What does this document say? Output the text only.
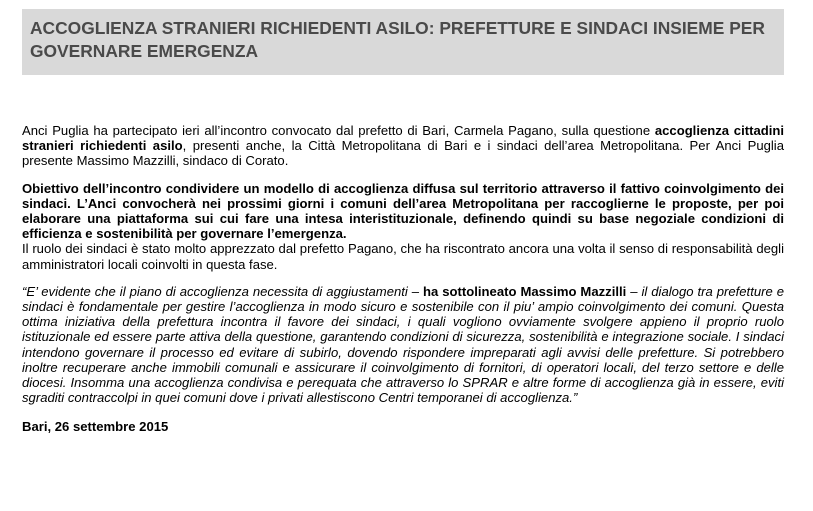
ACCOGLIENZA STRANIERI RICHIEDENTI ASILO: PREFETTURE E SINDACI INSIEME PER GOVERNARE EMERGENZA

Anci Puglia ha partecipato ieri all’incontro convocato dal prefetto di Bari, Carmela Pagano, sulla questione accoglienza cittadini stranieri richiedenti asilo, presenti anche, la Città Metropolitana di Bari e i sindaci dell’area Metropolitana. Per Anci Puglia presente Massimo Mazzilli, sindaco di Corato.

Obiettivo dell’incontro condividere un modello di accoglienza diffusa sul territorio attraverso il fattivo coinvolgimento dei sindaci. L’Anci convocherà nei prossimi giorni i comuni dell’area Metropolitana per raccoglierne le proposte, per poi elaborare una piattaforma sui cui fare una intesa interistituzionale, definendo quindi su base negoziale condizioni di efficienza e sostenibilità per governare l’emergenza.

Il ruolo dei sindaci è stato molto apprezzato dal prefetto Pagano, che ha riscontrato ancora una volta il senso di responsabilità degli amministratori locali coinvolti in questa fase.

“E’ evidente che il piano di accoglienza necessita di aggiustamenti – ha sottolineato Massimo Mazzilli – il dialogo tra prefetture e sindaci è fondamentale per gestire l’accoglienza in modo sicuro e sostenibile con il piu’ ampio coinvolgimento dei comuni. Questa ottima iniziativa della prefettura incontra il favore dei sindaci, i quali vogliono ovviamente svolgere appieno il proprio ruolo istituzionale ed essere parte attiva della questione, garantendo condizioni di sicurezza, sostenibilità e integrazione sociale. I sindaci intendono governare il processo ed evitare di subirlo, dovendo rispondere impreparati agli avvisi delle prefetture. Si potrebbero inoltre recuperare anche immobili comunali e assicurare il coinvolgimento di fornitori, di operatori locali, del terzo settore e delle diocesi. Insomma una accoglienza condivisa e perequata che attraverso lo SPRAR e altre forme di accoglienza già in essere, eviti sgraditi contraccolpi in quei comuni dove i privati allestiscono Centri temporanei di accoglienza.”

Bari, 26 settembre 2015
